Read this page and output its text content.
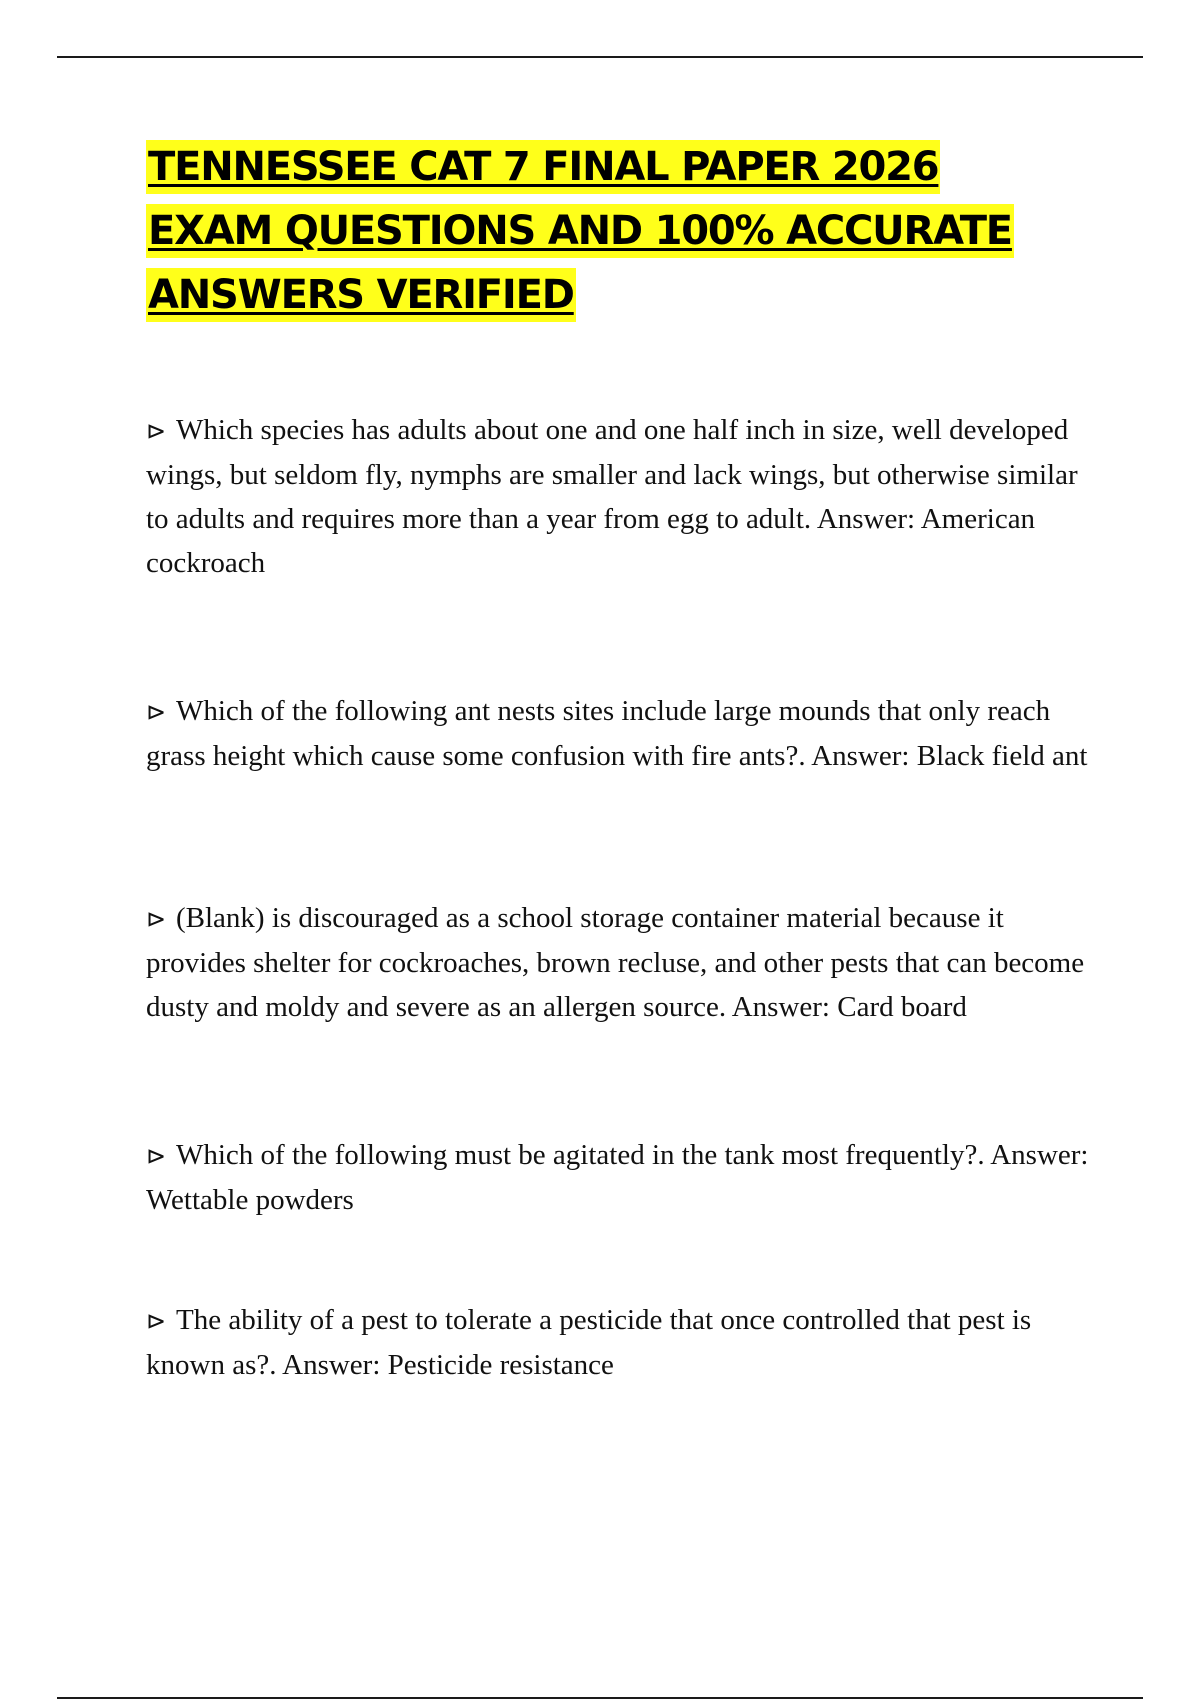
TENNESSEE CAT 7 FINAL PAPER 2026

EXAM QUESTIONS AND 100% ACCURATE

ANSWERS VERIFIED

⊳ Which species has adults about one and one half inch in size, well developed wings, but seldom fly, nymphs are smaller and lack wings, but otherwise similar to adults and requires more than a year from egg to adult. Answer: American cockroach

⊳ Which of the following ant nests sites include large mounds that only reach grass height which cause some confusion with fire ants?. Answer: Black field ant

⊳ (Blank) is discouraged as a school storage container material because it provides shelter for cockroaches, brown recluse, and other pests that can become dusty and moldy and severe as an allergen source. Answer: Card board

⊳ Which of the following must be agitated in the tank most frequently?. Answer: Wettable powders

⊳ The ability of a pest to tolerate a pesticide that once controlled that pest is known as?. Answer: Pesticide resistance
